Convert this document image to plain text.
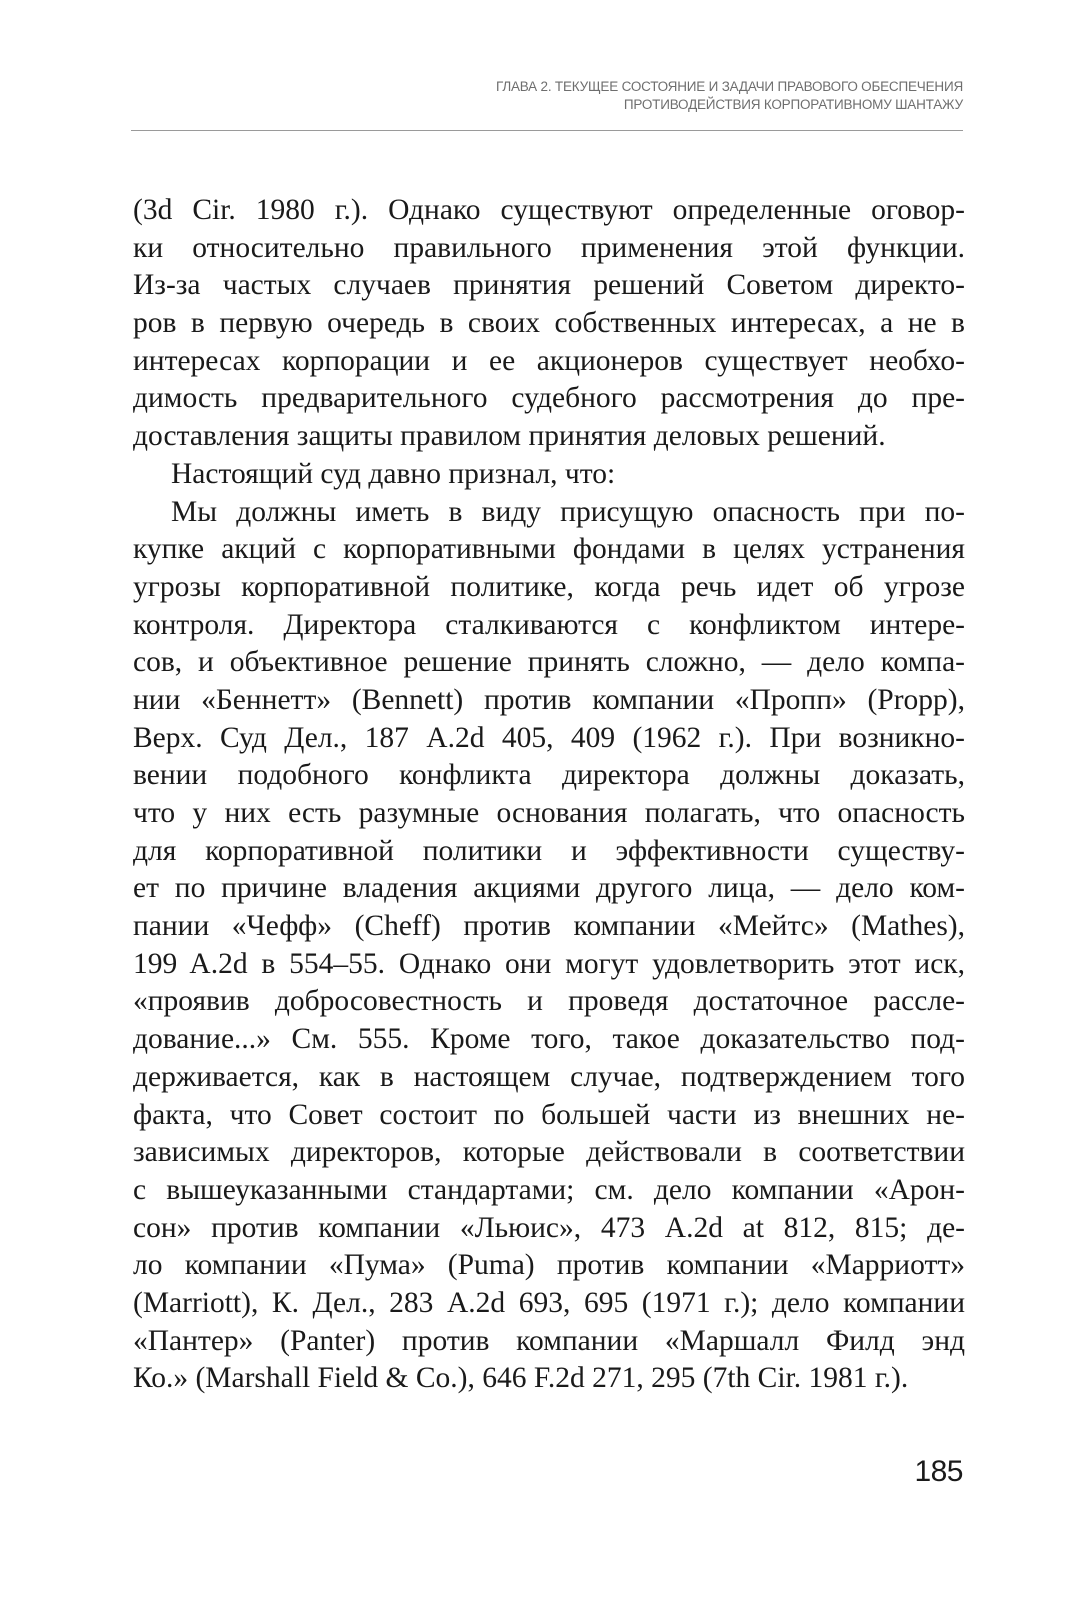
ГЛАВА 2. ТЕКУЩЕЕ СОСТОЯНИЕ И ЗАДАЧИ ПРАВОВОГО ОБЕСПЕЧЕНИЯ
ПРОТИВОДЕЙСТВИЯ КОРПОРАТИВНОМУ ШАНТАЖУ
(3d Cir. 1980 г.). Однако существуют определенные оговор-
ки относительно правильного применения этой функции.
Из-за частых случаев принятия решений Советом директо-
ров в первую очередь в своих собственных интересах, а не в
интересах корпорации и ее акционеров существует необхо-
димость предварительного судебного рассмотрения до пре-
доставления защиты правилом принятия деловых решений.
Настоящий суд давно признал, что:
Мы должны иметь в виду присущую опасность при по-
купке акций с корпоративными фондами в целях устранения
угрозы корпоративной политике, когда речь идет об угрозе
контроля. Директора сталкиваются с конфликтом интере-
сов, и объективное решение принять сложно, — дело компа-
нии «Беннетт» (Bennett) против компании «Пропп» (Propp),
Верх. Суд Дел., 187 A.2d 405, 409 (1962 г.). При возникно-
вении подобного конфликта директора должны доказать,
что у них есть разумные основания полагать, что опасность
для корпоративной политики и эффективности существу-
ет по причине владения акциями другого лица, — дело ком-
пании «Чефф» (Cheff) против компании «Мейтс» (Mathes),
199 A.2d в 554–55. Однако они могут удовлетворить этот иск,
«проявив добросовестность и проведя достаточное рассле-
дование...» См. 555. Кроме того, такое доказательство под-
держивается, как в настоящем случае, подтверждением того
факта, что Совет состоит по большей части из внешних не-
зависимых директоров, которые действовали в соответствии
с вышеуказанными стандартами; см. дело компании «Арон-
сон» против компании «Льюис», 473 A.2d at 812, 815; де-
ло компании «Пума» (Puma) против компании «Марриотт»
(Marriott), К. Дел., 283 A.2d 693, 695 (1971 г.); дело компании
«Пантер» (Panter) против компании «Маршалл Филд энд
Ко.» (Marshall Field & Co.), 646 F.2d 271, 295 (7th Cir. 1981 г.).
185
